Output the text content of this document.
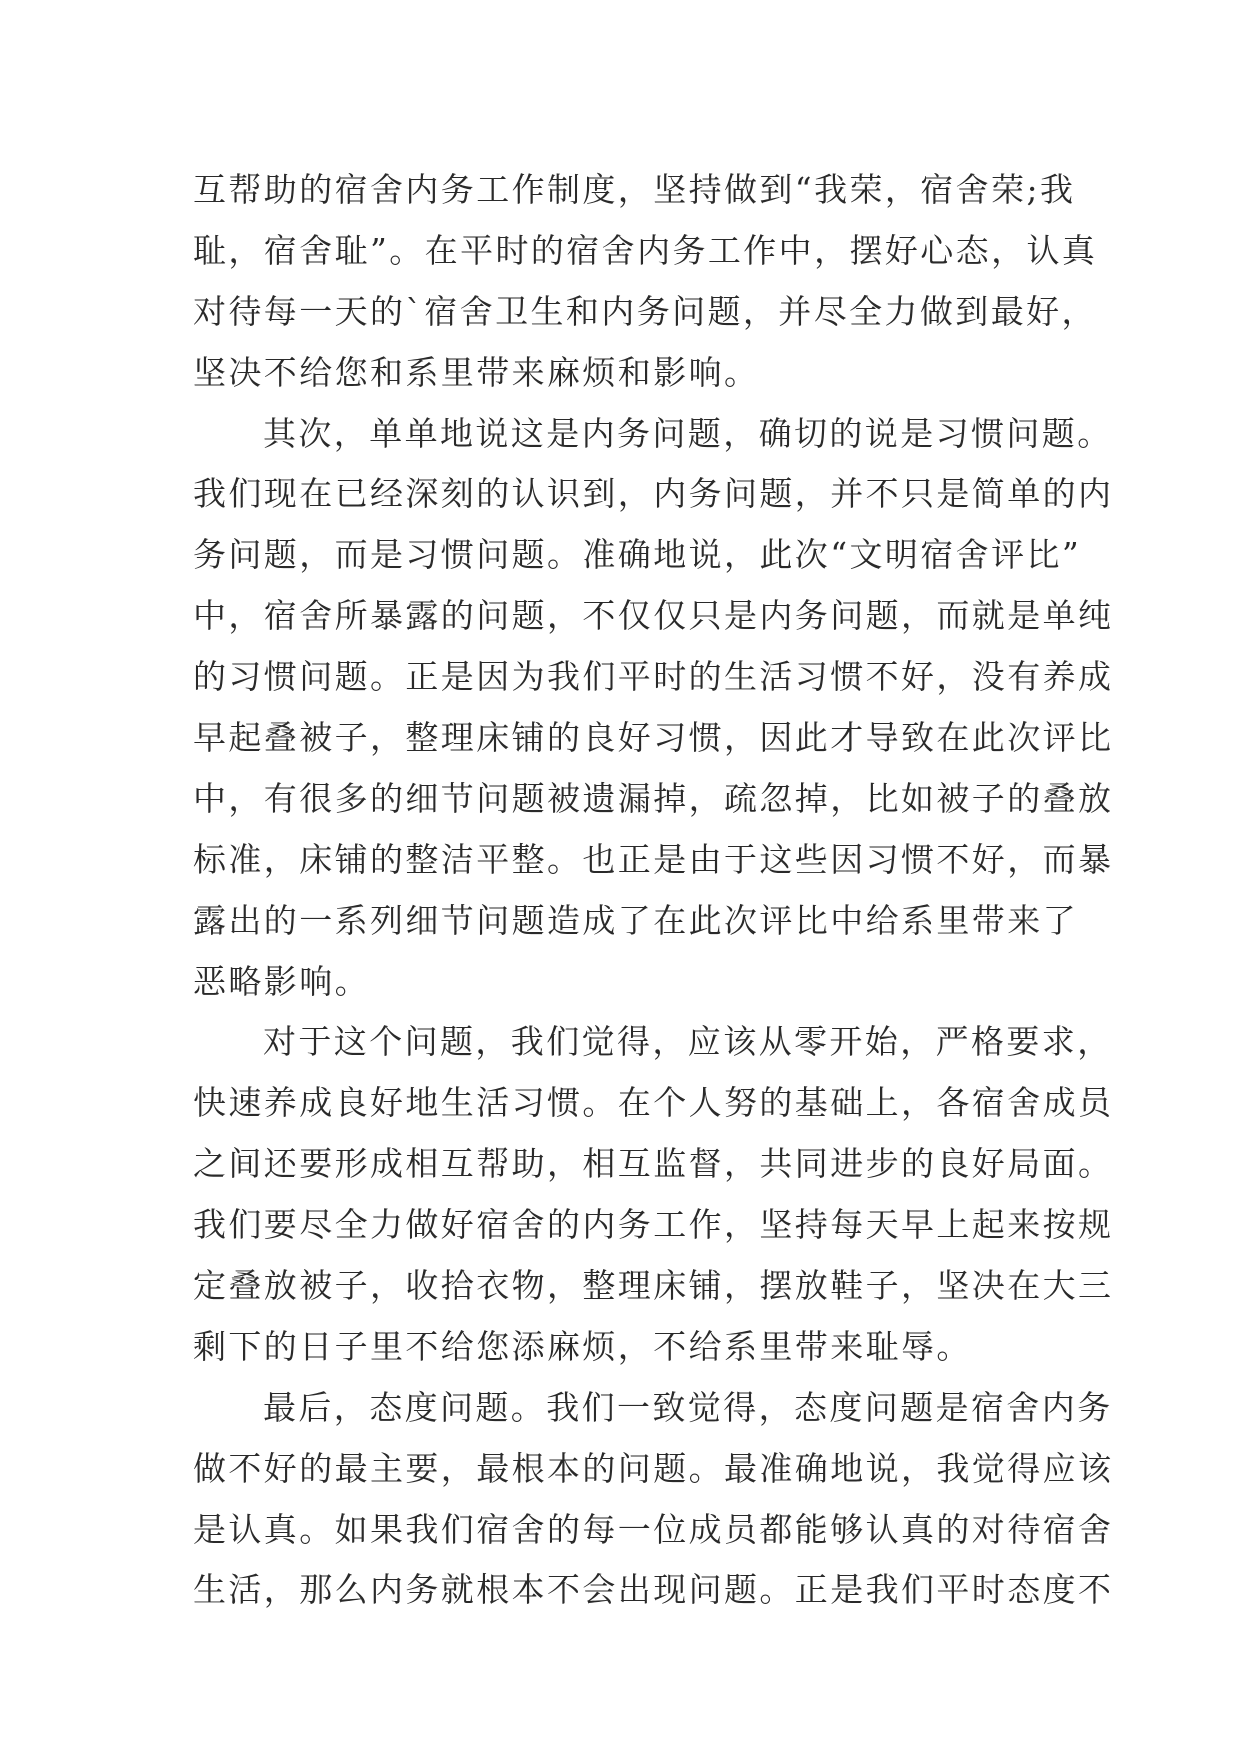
互帮助的宿舍内务工作制度，坚持做到“我荣，宿舍荣;我
耻，宿舍耻”。在平时的宿舍内务工作中，摆好心态，认真
对待每一天的`宿舍卫生和内务问题，并尽全力做到最好，
坚决不给您和系里带来麻烦和影响。
其次，单单地说这是内务问题，确切的说是习惯问题。
我们现在已经深刻的认识到，内务问题，并不只是简单的内
务问题，而是习惯问题。准确地说，此次“文明宿舍评比”
中，宿舍所暴露的问题，不仅仅只是内务问题，而就是单纯
的习惯问题。正是因为我们平时的生活习惯不好，没有养成
早起叠被子，整理床铺的良好习惯，因此才导致在此次评比
中，有很多的细节问题被遗漏掉，疏忽掉，比如被子的叠放
标准，床铺的整洁平整。也正是由于这些因习惯不好，而暴
露出的一系列细节问题造成了在此次评比中给系里带来了
恶略影响。
对于这个问题，我们觉得，应该从零开始，严格要求，
快速养成良好地生活习惯。在个人努的基础上，各宿舍成员
之间还要形成相互帮助，相互监督，共同进步的良好局面。
我们要尽全力做好宿舍的内务工作，坚持每天早上起来按规
定叠放被子，收拾衣物，整理床铺，摆放鞋子，坚决在大三
剩下的日子里不给您添麻烦，不给系里带来耻辱。
最后，态度问题。我们一致觉得，态度问题是宿舍内务
做不好的最主要，最根本的问题。最准确地说，我觉得应该
是认真。如果我们宿舍的每一位成员都能够认真的对待宿舍
生活，那么内务就根本不会出现问题。正是我们平时态度不
